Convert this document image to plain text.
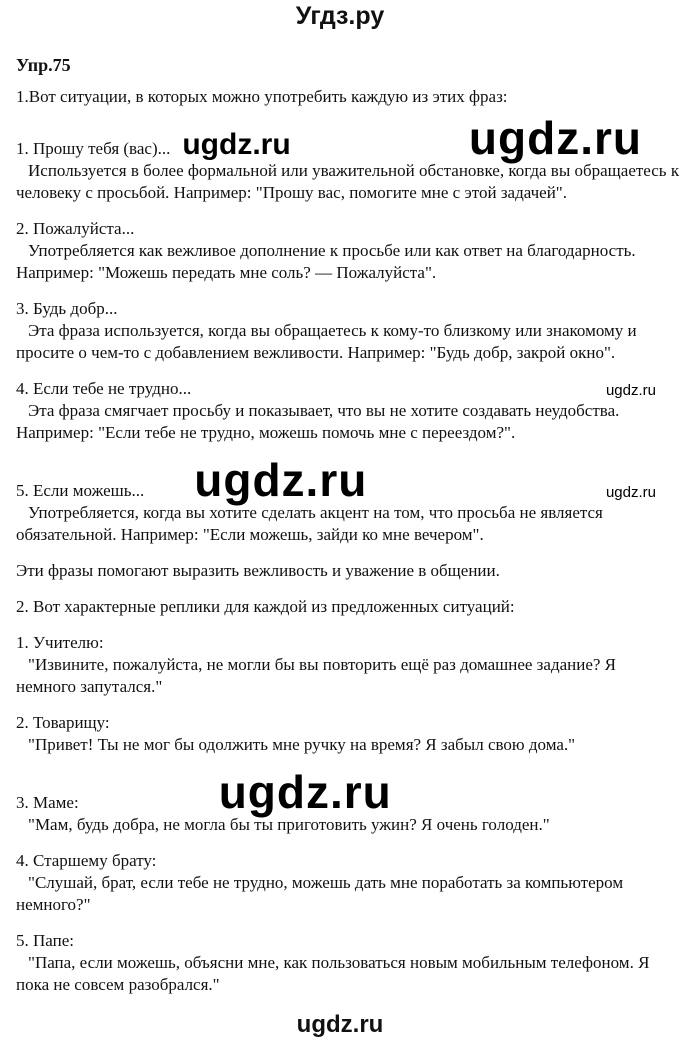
Угдз.ру
Упр.75
1.Вот ситуации, в которых можно употребить каждую из этих фраз:
1. Прошу тебя (вас)... ugdz.ru	ugdz.ru
Используется в более формальной или уважительной обстановке, когда вы обращаетесь к
человеку с просьбой. Например: "Прошу вас, помогите мне с этой задачей".
2. Пожалуйста...
Употребляется как вежливое дополнение к просьбе или как ответ на благодарность.
Например: "Можешь передать мне соль? — Пожалуйста".
3. Будь добр...
Эта фраза используется, когда вы обращаетесь к кому-то близкому или знакомому и
просите о чем-то с добавлением вежливости. Например: "Будь добр, закрой окно".
4. Если тебе не трудно...	ugdz.ru
Эта фраза смягчает просьбу и показывает, что вы не хотите создавать неудобства.
Например: "Если тебе не трудно, можешь помочь мне с переездом?".
5. Если можешь... ugdz.ru	ugdz.ru
Употребляется, когда вы хотите сделать акцент на том, что просьба не является
обязательной. Например: "Если можешь, зайди ко мне вечером".
Эти фразы помогают выразить вежливость и уважение в общении.
2. Вот характерные реплики для каждой из предложенных ситуаций:
1. Учителю:
"Извините, пожалуйста, не могли бы вы повторить ещё раз домашнее задание? Я
немного запутался."
2. Товарищу:
"Привет! Ты не мог бы одолжить мне ручку на время? Я забыл свою дома."
3. Маме:	ugdz.ru
"Мам, будь добра, не могла бы ты приготовить ужин? Я очень голоден."
4. Старшему брату:
"Слушай, брат, если тебе не трудно, можешь дать мне поработать за компьютером
немного?"
5. Папе:
"Папа, если можешь, объясни мне, как пользоваться новым мобильным телефоном. Я
пока не совсем разобрался."
ugdz.ru
